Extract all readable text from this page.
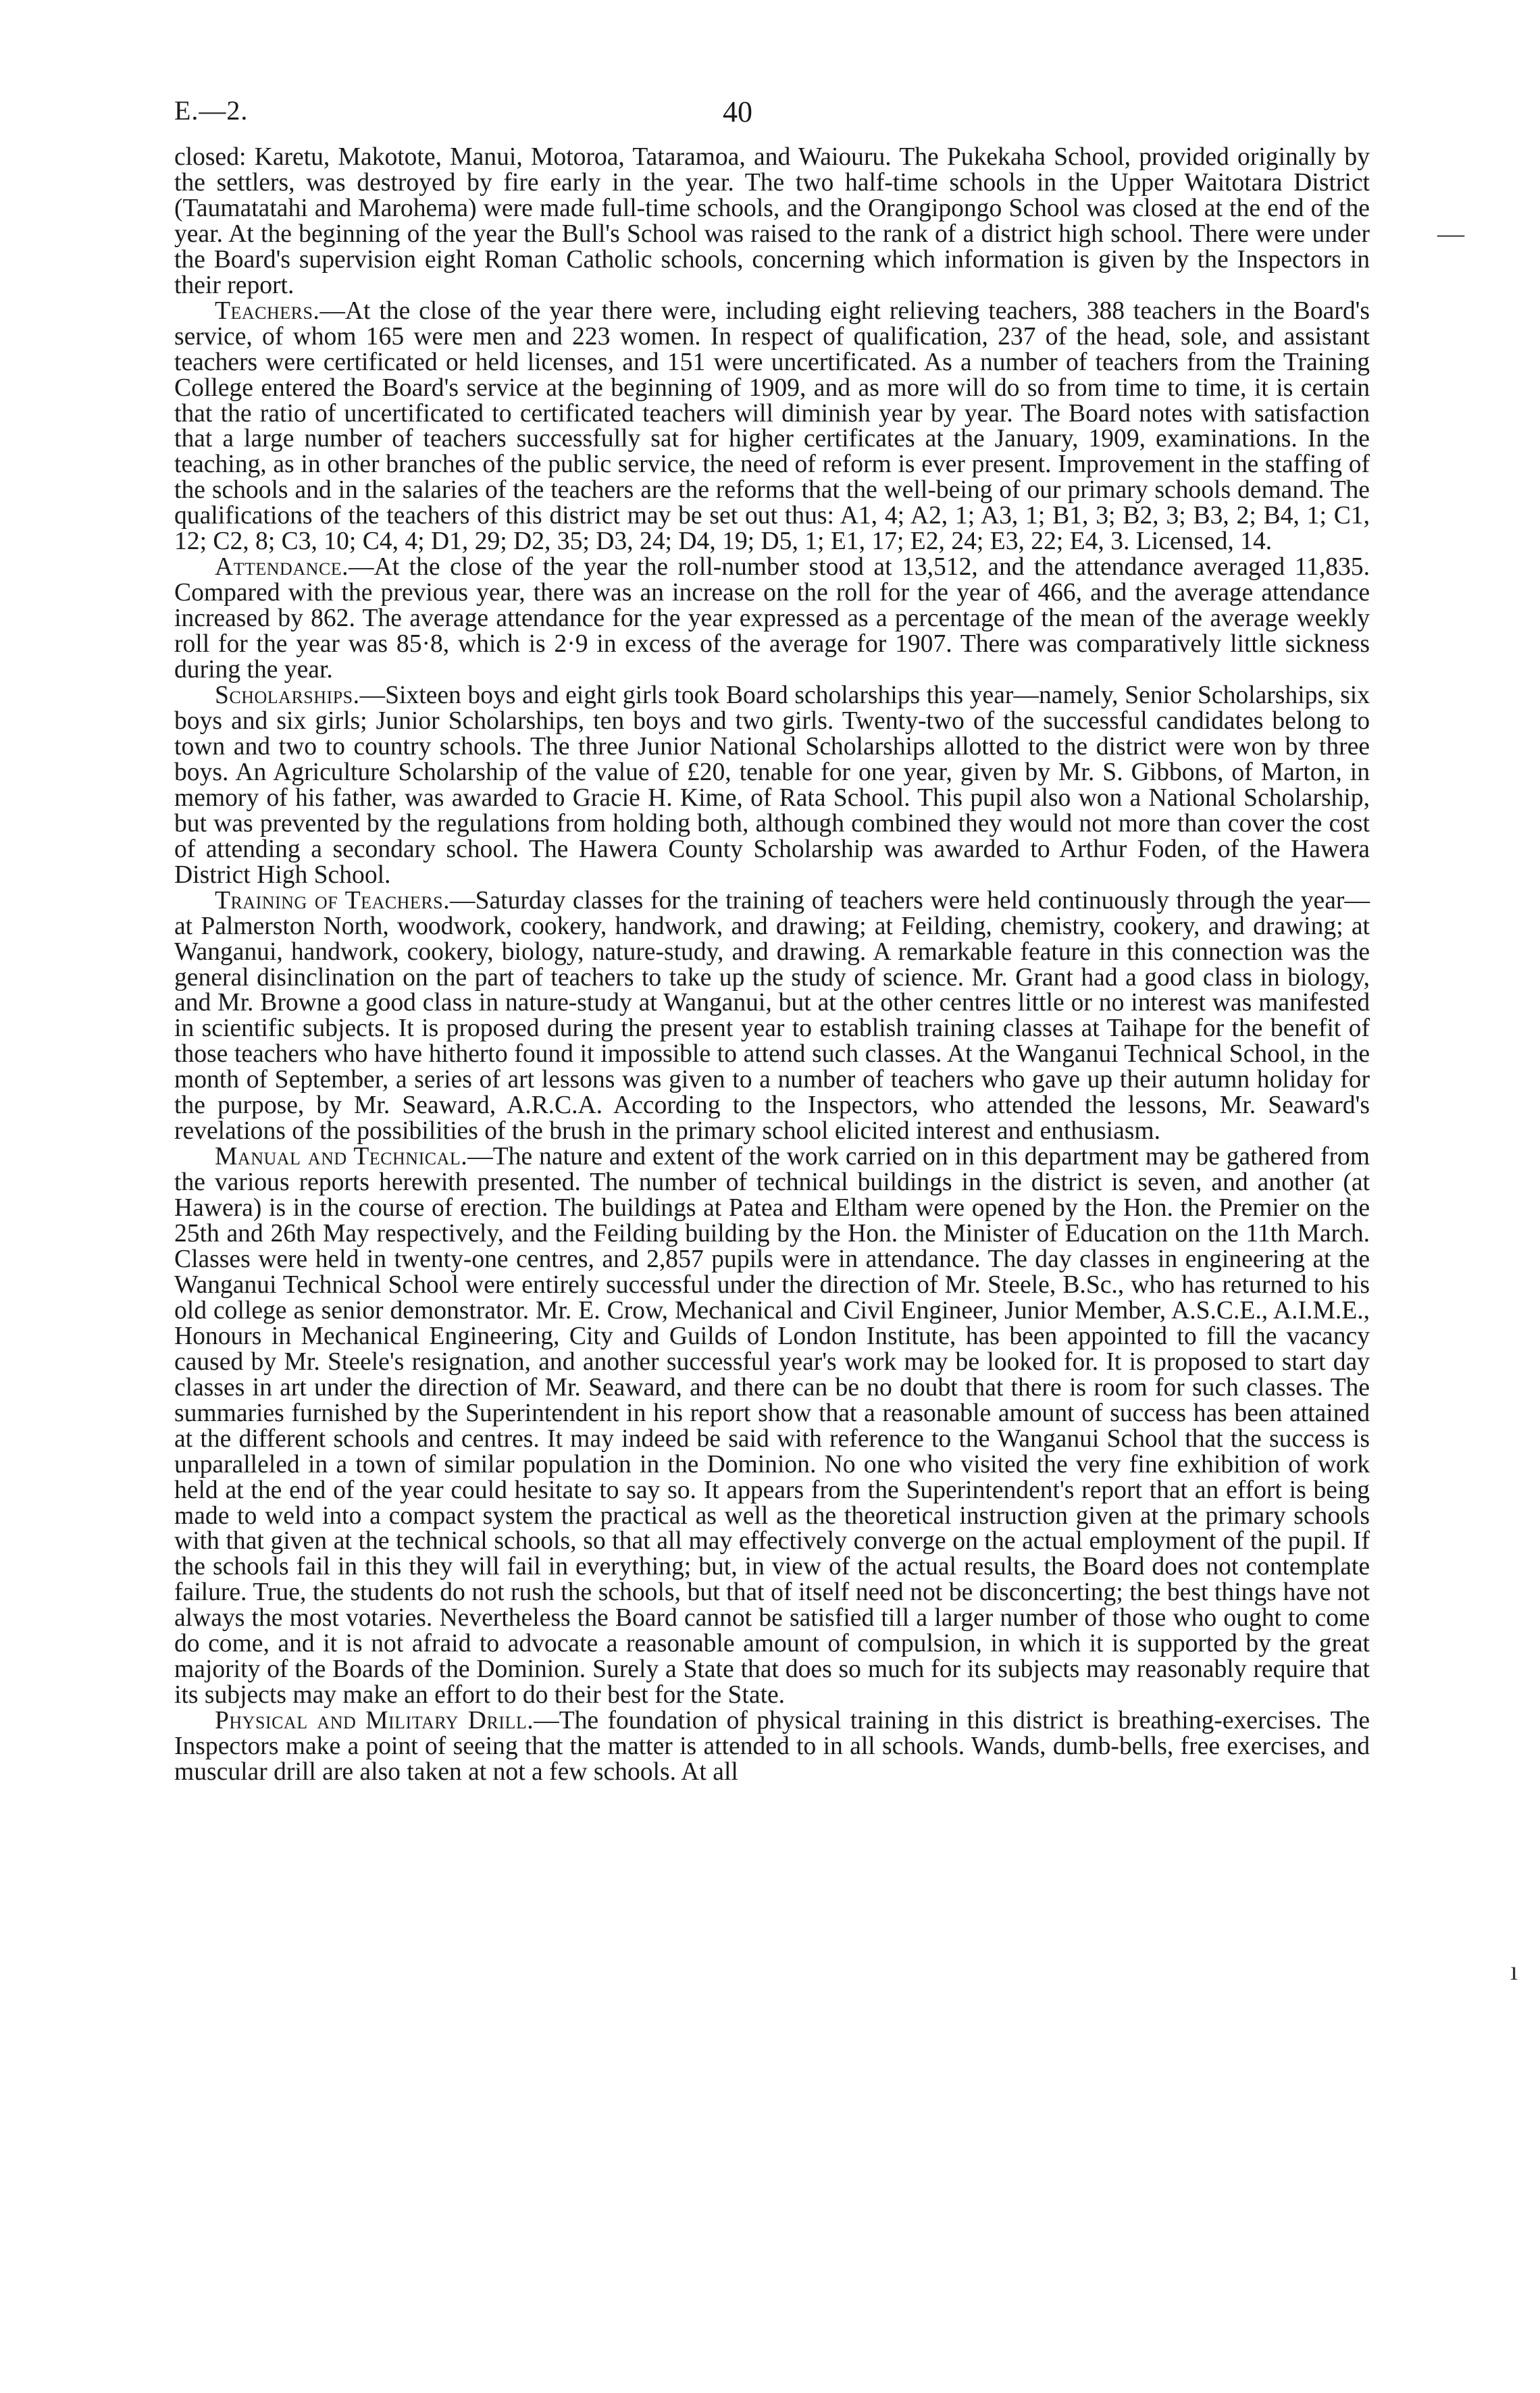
E.—2.	40
—
ı

closed: Karetu, Makotote, Manui, Motoroa, Tataramoa, and Waiouru. The Pukekaha School, provided originally by the settlers, was destroyed by fire early in the year. The two half-time schools in the Upper Waitotara District (Taumatatahi and Marohema) were made full-time schools, and the Orangipongo School was closed at the end of the year. At the beginning of the year the Bull's School was raised to the rank of a district high school. There were under the Board's supervision eight Roman Catholic schools, concerning which information is given by the Inspectors in their report.

Teachers.—At the close of the year there were, including eight relieving teachers, 388 teachers in the Board's service, of whom 165 were men and 223 women. In respect of qualification, 237 of the head, sole, and assistant teachers were certificated or held licenses, and 151 were uncertificated. As a number of teachers from the Training College entered the Board's service at the beginning of 1909, and as more will do so from time to time, it is certain that the ratio of uncertificated to certificated teachers will diminish year by year. The Board notes with satisfaction that a large number of teachers successfully sat for higher certificates at the January, 1909, examinations. In the teaching, as in other branches of the public service, the need of reform is ever present. Improvement in the staffing of the schools and in the salaries of the teachers are the reforms that the well-being of our primary schools demand. The qualifications of the teachers of this district may be set out thus: A1, 4; A2, 1; A3, 1; B1, 3; B2, 3; B3, 2; B4, 1; C1, 12; C2, 8; C3, 10; C4, 4; D1, 29; D2, 35; D3, 24; D4, 19; D5, 1; E1, 17; E2, 24; E3, 22; E4, 3. Licensed, 14.

Attendance.—At the close of the year the roll-number stood at 13,512, and the attendance averaged 11,835. Compared with the previous year, there was an increase on the roll for the year of 466, and the average attendance increased by 862. The average attendance for the year expressed as a percentage of the mean of the average weekly roll for the year was 85·8, which is 2·9 in excess of the average for 1907. There was comparatively little sickness during the year.

Scholarships.—Sixteen boys and eight girls took Board scholarships this year—namely, Senior Scholarships, six boys and six girls; Junior Scholarships, ten boys and two girls. Twenty-two of the successful candidates belong to town and two to country schools. The three Junior National Scholarships allotted to the district were won by three boys. An Agriculture Scholarship of the value of £20, tenable for one year, given by Mr. S. Gibbons, of Marton, in memory of his father, was awarded to Gracie H. Kime, of Rata School. This pupil also won a National Scholarship, but was prevented by the regulations from holding both, although combined they would not more than cover the cost of attending a secondary school. The Hawera County Scholarship was awarded to Arthur Foden, of the Hawera District High School.

Training of Teachers.—Saturday classes for the training of teachers were held continuously through the year—at Palmerston North, woodwork, cookery, handwork, and drawing; at Feilding, chemistry, cookery, and drawing; at Wanganui, handwork, cookery, biology, nature-study, and drawing. A remarkable feature in this connection was the general disinclination on the part of teachers to take up the study of science. Mr. Grant had a good class in biology, and Mr. Browne a good class in nature-study at Wanganui, but at the other centres little or no interest was manifested in scientific subjects. It is proposed during the present year to establish training classes at Taihape for the benefit of those teachers who have hitherto found it impossible to attend such classes. At the Wanganui Technical School, in the month of September, a series of art lessons was given to a number of teachers who gave up their autumn holiday for the purpose, by Mr. Seaward, A.R.C.A. According to the Inspectors, who attended the lessons, Mr. Seaward's revelations of the possibilities of the brush in the primary school elicited interest and enthusiasm.

Manual and Technical.—The nature and extent of the work carried on in this department may be gathered from the various reports herewith presented. The number of technical buildings in the district is seven, and another (at Hawera) is in the course of erection. The buildings at Patea and Eltham were opened by the Hon. the Premier on the 25th and 26th May respectively, and the Feilding building by the Hon. the Minister of Education on the 11th March. Classes were held in twenty-one centres, and 2,857 pupils were in attendance. The day classes in engineering at the Wanganui Technical School were entirely successful under the direction of Mr. Steele, B.Sc., who has returned to his old college as senior demonstrator. Mr. E. Crow, Mechanical and Civil Engineer, Junior Member, A.S.C.E., A.I.M.E., Honours in Mechanical Engineering, City and Guilds of London Institute, has been appointed to fill the vacancy caused by Mr. Steele's resignation, and another successful year's work may be looked for. It is proposed to start day classes in art under the direction of Mr. Seaward, and there can be no doubt that there is room for such classes. The summaries furnished by the Superintendent in his report show that a reasonable amount of success has been attained at the different schools and centres. It may indeed be said with reference to the Wanganui School that the success is unparalleled in a town of similar population in the Dominion. No one who visited the very fine exhibition of work held at the end of the year could hesitate to say so. It appears from the Superintendent's report that an effort is being made to weld into a compact system the practical as well as the theoretical instruction given at the primary schools with that given at the technical schools, so that all may effectively converge on the actual employment of the pupil. If the schools fail in this they will fail in everything; but, in view of the actual results, the Board does not contemplate failure. True, the students do not rush the schools, but that of itself need not be disconcerting; the best things have not always the most votaries. Nevertheless the Board cannot be satisfied till a larger number of those who ought to come do come, and it is not afraid to advocate a reasonable amount of compulsion, in which it is supported by the great majority of the Boards of the Dominion. Surely a State that does so much for its subjects may reasonably require that its subjects may make an effort to do their best for the State.

Physical and Military Drill.—The foundation of physical training in this district is breathing-exercises. The Inspectors make a point of seeing that the matter is attended to in all schools. Wands, dumb-bells, free exercises, and muscular drill are also taken at not a few schools. At all
